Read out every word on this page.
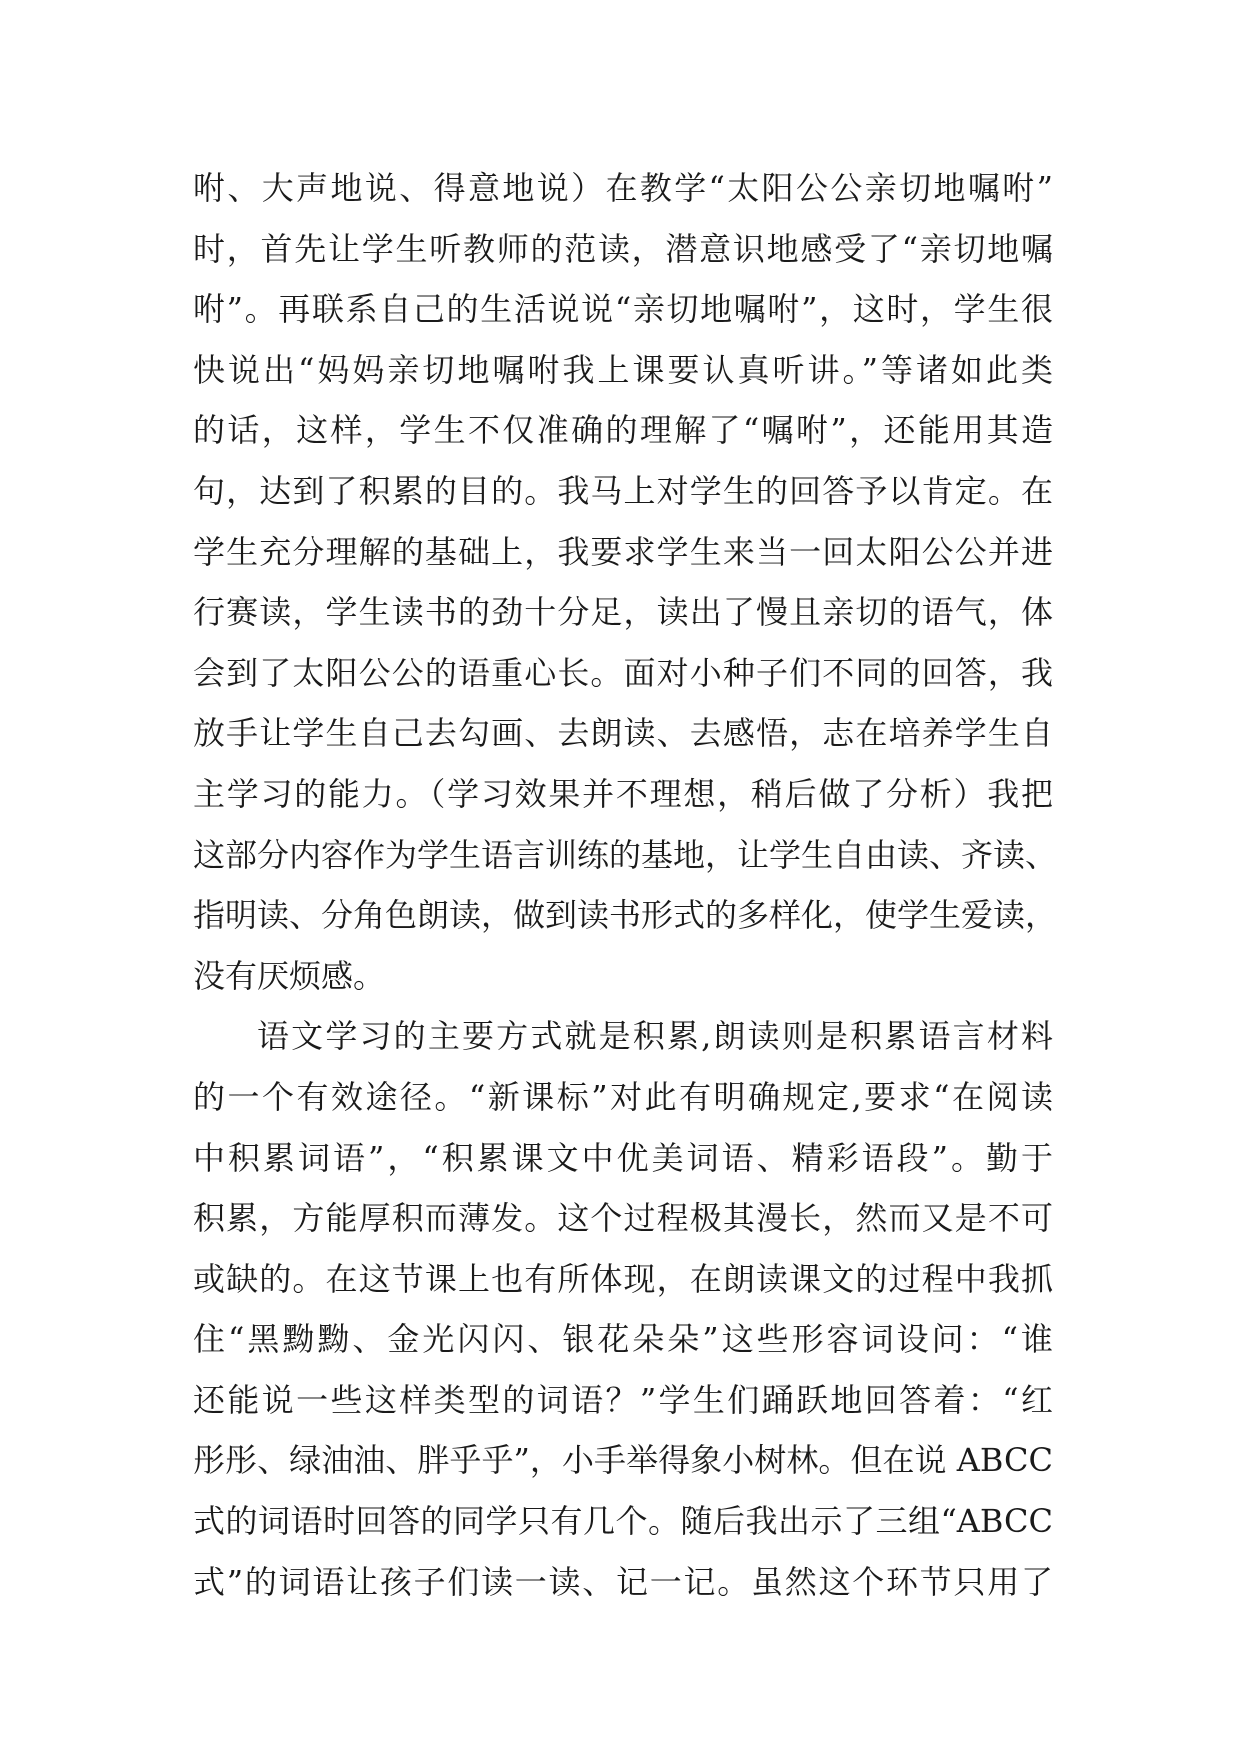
咐、大声地说、得意地说）在教学“太阳公公亲切地嘱咐”
时，首先让学生听教师的范读，潜意识地感受了“亲切地嘱
咐”。再联系自己的生活说说“亲切地嘱咐”，这时，学生很
快说出“妈妈亲切地嘱咐我上课要认真听讲。”等诸如此类
的话，这样，学生不仅准确的理解了“嘱咐”，还能用其造
句，达到了积累的目的。我马上对学生的回答予以肯定。在
学生充分理解的基础上，我要求学生来当一回太阳公公并进
行赛读，学生读书的劲十分足，读出了慢且亲切的语气，体
会到了太阳公公的语重心长。面对小种子们不同的回答，我
放手让学生自己去勾画、去朗读、去感悟，志在培养学生自
主学习的能力。（学习效果并不理想，稍后做了分析）我把
这部分内容作为学生语言训练的基地，让学生自由读、齐读、
指明读、分角色朗读，做到读书形式的多样化，使学生爱读，
没有厌烦感。
语文学习的主要方式就是积累,朗读则是积累语言材料
的一个有效途径。“新课标”对此有明确规定,要求“在阅读
中积累词语”，“积累课文中优美词语、精彩语段”。勤于
积累，方能厚积而薄发。这个过程极其漫长，然而又是不可
或缺的。在这节课上也有所体现，在朗读课文的过程中我抓
住“黑黝黝、金光闪闪、银花朵朵”这些形容词设问：“谁
还能说一些这样类型的词语？”学生们踊跃地回答着：“红
彤彤、绿油油、胖乎乎”，小手举得象小树林。但在说 ABCC
式的词语时回答的同学只有几个。随后我出示了三组“ABCC
式”的词语让孩子们读一读、记一记。虽然这个环节只用了
